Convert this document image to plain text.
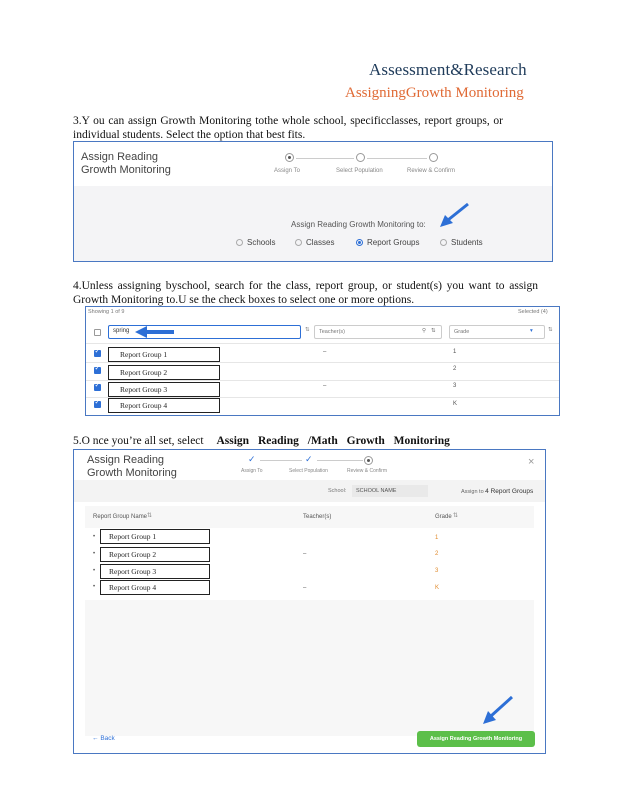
Assessment&Research
AssigningGrowth Monitoring
3.Y ou can assign Growth Monitoring tothe whole school, specificclasses, report groups, or individual students. Select the option that best fits.
Assign Reading
Growth Monitoring	Assign To	Select Population	Review & Confirm
Assign Reading Growth Monitoring to:
Schools	Classes	Report Groups	Students
4.Unless assigning byschool, search for the class, report group, or student(s) you want to assign Growth Monitoring to.U se the check boxes to select one or more options.
Showing 1 of 9	Selected (4)
spring	⇅ Teacher(s)	⚲ ⇅	Grade	▾	⇅
✓
Report Group 1	–	1
✓
Report Group 2	2
✓
Report Group 3	–	3
✓
Report Group 4	K
5.O nce you’re all set, select Assign Reading /Math Growth Monitoring
Assign Reading
Growth Monitoring
✓	✓
Assign To	Select Population	Review & Confirm
×
School: SCHOOL NAME	Assign to 4 Report Groups
Report Group Name ⇅	Teacher(s)	Grade ⇅
•	Report Group 1	1
•	Report Group 2	–	2
•	Report Group 3	3
•	Report Group 4	–	K
← Back	Assign Reading Growth Monitoring
